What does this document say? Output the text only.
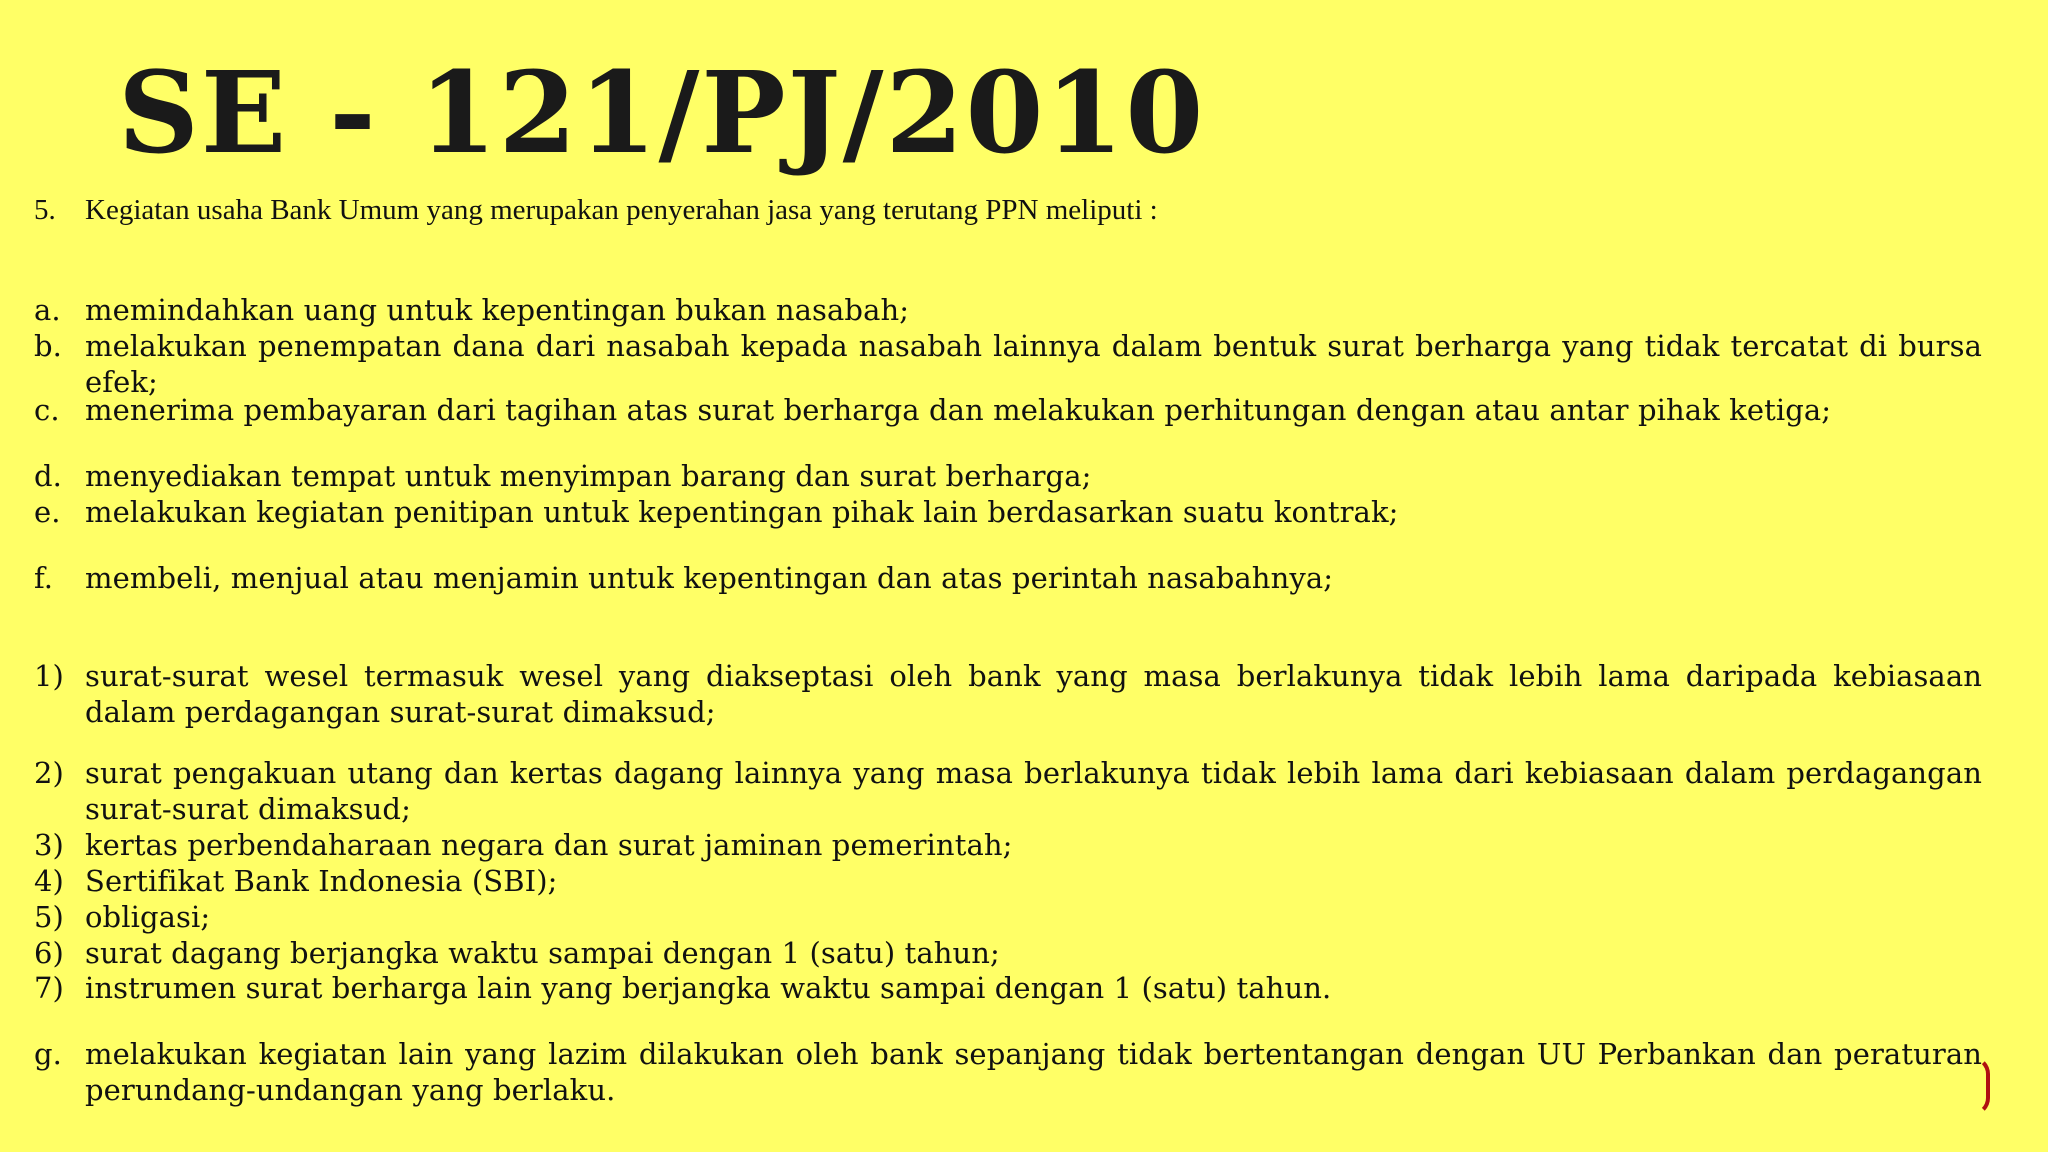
SE - 121/PJ/2010
5.	Kegiatan usaha Bank Umum yang merupakan penyerahan jasa yang terutang PPN meliputi :
a. memindahkan uang untuk kepentingan bukan nasabah;
b. melakukan penempatan dana dari nasabah kepada nasabah lainnya dalam bentuk surat berharga yang tidak tercatat di bursa efek;
c. menerima pembayaran dari tagihan atas surat berharga dan melakukan perhitungan dengan atau antar pihak ketiga;
d. menyediakan tempat untuk menyimpan barang dan surat berharga;
e. melakukan kegiatan penitipan untuk kepentingan pihak lain berdasarkan suatu kontrak;
f.	membeli, menjual atau menjamin untuk kepentingan dan atas perintah nasabahnya;
1) surat-surat wesel termasuk wesel yang diakseptasi oleh bank yang masa berlakunya tidak lebih lama daripada kebiasaan dalam perdagangan surat-surat dimaksud;
2) surat pengakuan utang dan kertas dagang lainnya yang masa berlakunya tidak lebih lama dari kebiasaan dalam perdagangan surat-surat dimaksud;
3) kertas perbendaharaan negara dan surat jaminan pemerintah;
4) Sertifikat Bank Indonesia (SBI);
5) obligasi;
6) surat dagang berjangka waktu sampai dengan 1 (satu) tahun;
7) instrumen surat berharga lain yang berjangka waktu sampai dengan 1 (satu) tahun.
g. melakukan kegiatan lain yang lazim dilakukan oleh bank sepanjang tidak bertentangan dengan UU Perbankan dan peraturan perundang-undangan yang berlaku.
